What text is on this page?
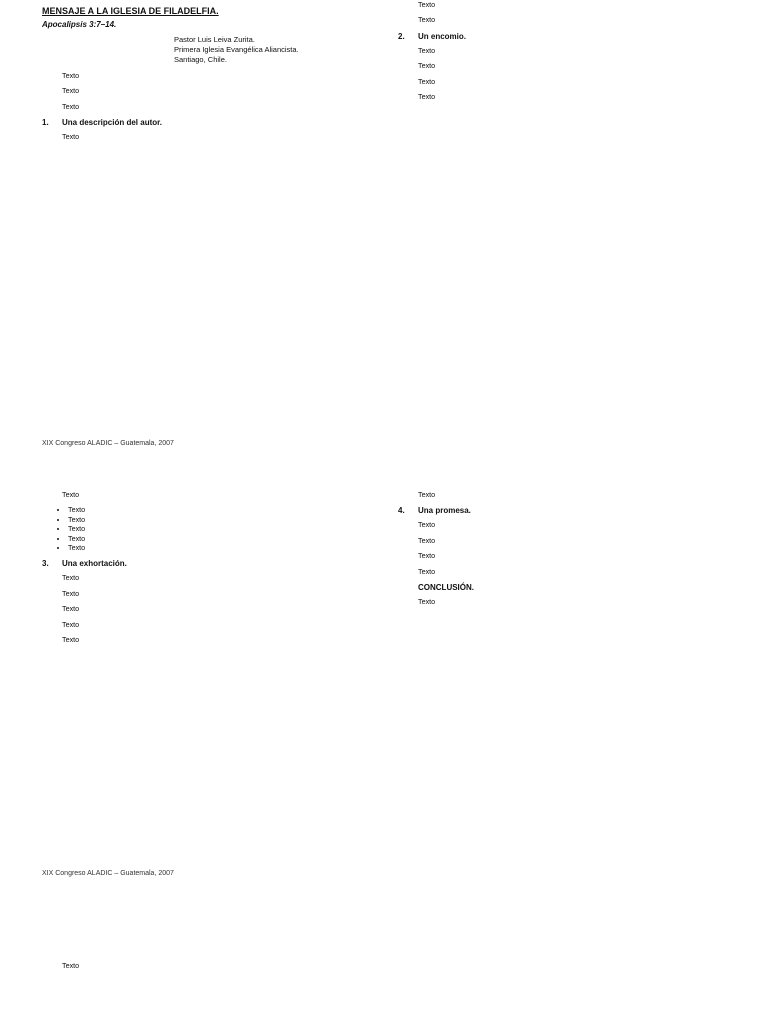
MENSAJE A LA IGLESIA DE FILADELFIA.
Apocalipsis 3:7–14.
Pastor Luis Leiva Zurita.
Primera Iglesia Evangélica Aliancista.
Santiago, Chile.

Texto

Texto

Texto

1. Una descripción del autor.

Texto

Texto

Texto

2. Un encomio.

Texto

Texto

Texto

Texto

XIX Congreso ALADIC – Guatemala, 2007

Texto

• Texto
• Texto
• Texto
• Texto
• Texto
3. Una exhortación.

Texto

Texto

Texto

Texto

Texto

Texto

4. Una promesa.

Texto

Texto

Texto

Texto

CONCLUSIÓN.

Texto

XIX Congreso ALADIC – Guatemala, 2007

Texto
